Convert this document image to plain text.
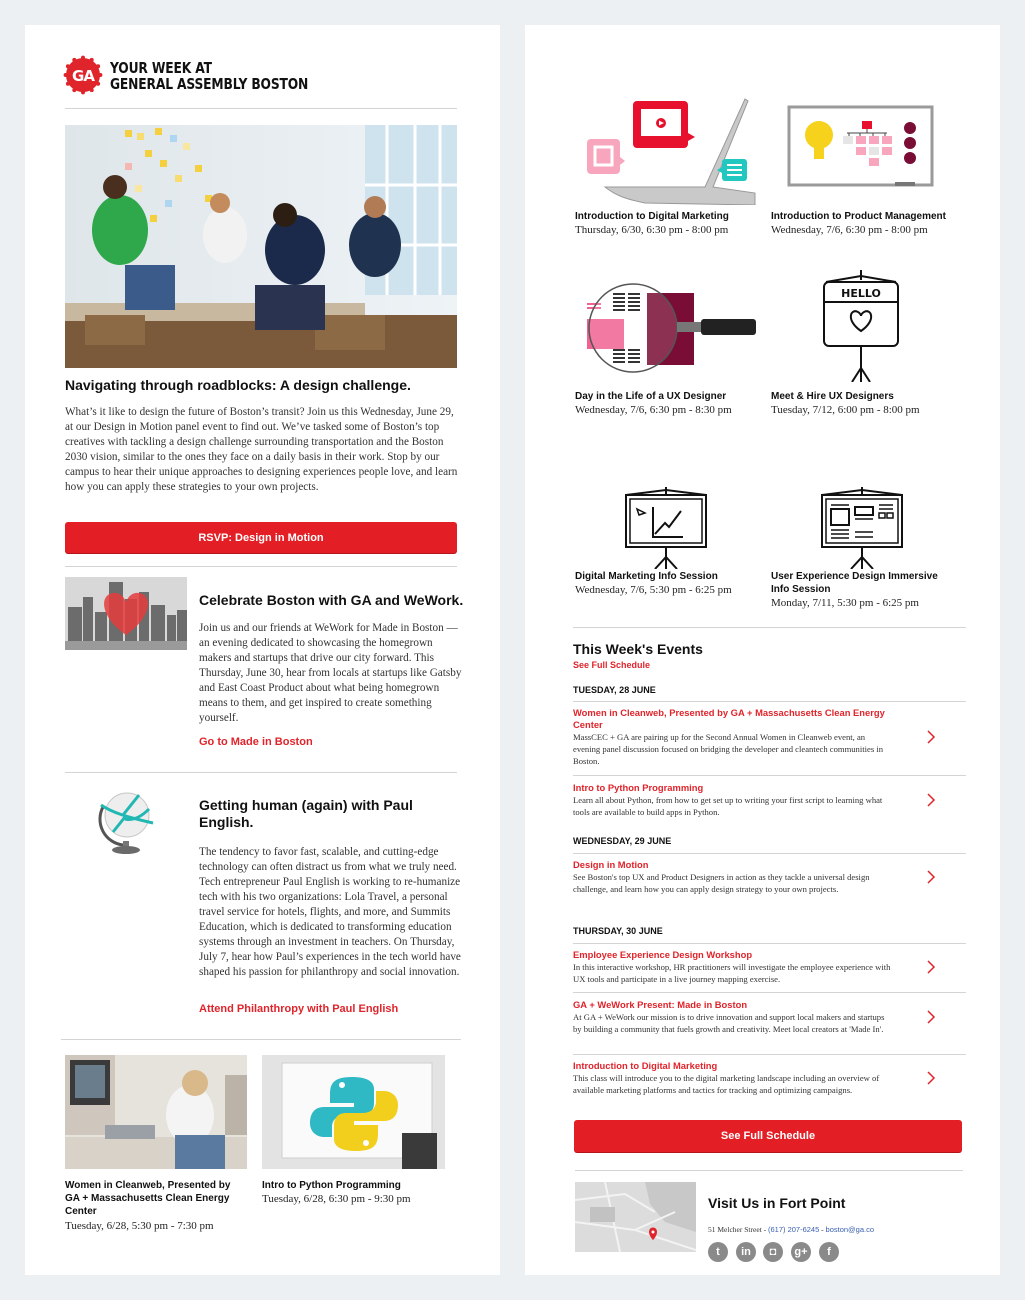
GA YOUR WEEK AT
GENERAL ASSEMBLY BOSTON
Navigating through roadblocks: A design challenge.
What’s it like to design the future of Boston’s transit? Join us this Wednesday, June 29, at our Design in Motion panel event to find out. We’ve tasked some of Boston’s top creatives with tackling a design challenge surrounding transportation and the Boston 2030 vision, similar to the ones they face on a daily basis in their work. Stop by our campus to hear their unique approaches to designing experiences people love, and learn how you can apply these strategies to your own projects.
RSVP: Design in Motion
Celebrate Boston with GA and WeWork.
Join us and our friends at WeWork for Made in Boston — an evening dedicated to showcasing the homegrown makers and startups that drive our city forward. This Thursday, June 30, hear from locals at startups like Gatsby and East Coast Product about what being homegrown means to them, and get inspired to create something yourself.
Go to Made in Boston
Getting human (again) with Paul English.
The tendency to favor fast, scalable, and cutting-edge technology can often distract us from what we truly need. Tech entrepreneur Paul English is working to re-humanize tech with his two organizations: Lola Travel, a personal travel service for hotels, flights, and more, and Summits Education, which is dedicated to transforming education systems through an investment in teachers. On Thursday, July 7, hear how Paul’s experiences in the tech world have shaped his passion for philanthropy and social innovation.
Attend Philanthropy with Paul English
Women in Cleanweb, Presented by GA + Massachusetts Clean Energy Center
Tuesday, 6/28, 5:30 pm - 7:30 pm
Intro to Python Programming
Tuesday, 6/28, 6:30 pm - 9:30 pm
Introduction to Digital Marketing
Thursday, 6/30, 6:30 pm - 8:00 pm
Introduction to Product Management
Wednesday, 7/6, 6:30 pm - 8:00 pm
Day in the Life of a UX Designer
Wednesday, 7/6, 6:30 pm - 8:30 pm
HELLO
Meet & Hire UX Designers
Tuesday, 7/12, 6:00 pm - 8:00 pm
Digital Marketing Info Session
Wednesday, 7/6, 5:30 pm - 6:25 pm
User Experience Design Immersive Info Session
Monday, 7/11, 5:30 pm - 6:25 pm
This Week's Events
See Full Schedule
TUESDAY, 28 JUNE
Women in Cleanweb, Presented by GA + Massachusetts Clean Energy Center
MassCEC + GA are pairing up for the Second Annual Women in Cleanweb event, an evening panel discussion focused on bridging the developer and cleantech communities in Boston.
Intro to Python Programming
Learn all about Python, from how to get set up to writing your first script to learning what tools are available to build apps in Python.
WEDNESDAY, 29 JUNE
Design in Motion
See Boston's top UX and Product Designers in action as they tackle a universal design challenge, and learn how you can apply design strategy to your own projects.
THURSDAY, 30 JUNE
Employee Experience Design Workshop
In this interactive workshop, HR practitioners will investigate the employee experience with UX tools and participate in a live journey mapping exercise.
GA + WeWork Present: Made in Boston
At GA + WeWork our mission is to drive innovation and support local makers and startups by building a community that fuels growth and creativity. Meet local creators at 'Made In'.
Introduction to Digital Marketing
This class will introduce you to the digital marketing landscape including an overview of available marketing platforms and tactics for tracking and optimizing campaigns.
See Full Schedule
Visit Us in Fort Point
51 Melcher Street - (617) 207-6245 - boston@ga.co
t	in	◘	g+	f
